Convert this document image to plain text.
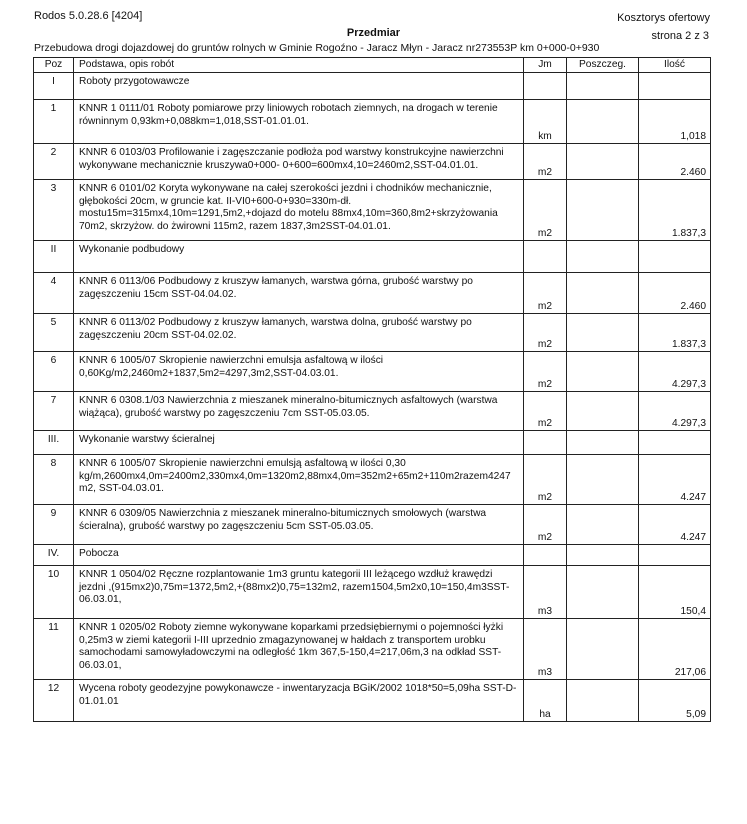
Rodos 5.0.28.6 [4204]	Kosztorys ofertowy
Przedmiar	strona 2 z 3
Przebudowa drogi dojazdowej do gruntów rolnych w Gminie Rogoźno - Jaracz Młyn - Jaracz nr273553P km 0+000-0+930
Poz	Podstawa, opis robót	Jm	Poszczeg.	Ilość
I	Roboty przygotowawcze			
1	KNNR 1 0111/01 Roboty pomiarowe przy liniowych robotach ziemnych, na drogach w terenie równinnym 0,93km+0,088km=1,018,SST-01.01.01.	km		1,018
2	KNNR 6 0103/03 Profilowanie i zagęszczanie podłoża pod warstwy konstrukcyjne nawierzchni wykonywane mechanicznie kruszywa0+000- 0+600=600mx4,10=2460m2,SST-04.01.01.	m2		2.460
3	KNNR 6 0101/02 Koryta wykonywane na całej szerokości jezdni i chodników mechanicznie, głębokości 20cm, w gruncie kat. II-VI0+600-0+930=330m-dł. mostu15m=315mx4,10m=1291,5m2,+dojazd do motelu 88mx4,10m=360,8m2+skrzyżowania 70m2, skrzyżow. do żwirowni 115m2, razem 1837,3m2SST-04.01.01.	m2		1.837,3
II	Wykonanie podbudowy			
4	KNNR 6 0113/06 Podbudowy z kruszyw łamanych, warstwa górna, grubość warstwy po zagęszczeniu 15cm SST-04.04.02.	m2		2.460
5	KNNR 6 0113/02 Podbudowy z kruszyw łamanych, warstwa dolna, grubość warstwy po zagęszczeniu 20cm SST-04.02.02.	m2		1.837,3
6	KNNR 6 1005/07 Skropienie nawierzchni emulsja asfaltową w ilości 0,60Kg/m2,2460m2+1837,5m2=4297,3m2,SST-04.03.01.	m2		4.297,3
7	KNNR 6 0308.1/03 Nawierzchnia z mieszanek mineralno-bitumicznych asfaltowych (warstwa wiążąca), grubość warstwy po zagęszczeniu 7cm SST-05.03.05.	m2		4.297,3
III.	Wykonanie warstwy ścieralnej			
8	KNNR 6 1005/07 Skropienie nawierzchni emulsją asfaltową w ilości 0,30 kg/m,2600mx4,0m=2400m2,330mx4,0m=1320m2,88mx4,0m=352m2+65m2+110m2razem4247 m2, SST-04.03.01.	m2		4.247
9	KNNR 6 0309/05 Nawierzchnia z mieszanek mineralno-bitumicznych smołowych (warstwa ścieralna), grubość warstwy po zagęszczeniu 5cm SST-05.03.05.	m2		4.247
IV.	Pobocza			
10	KNNR 1 0504/02 Ręczne rozplantowanie 1m3 gruntu kategorii III leżącego wzdłuż krawędzi jezdni ,(915mx2)0,75m=1372,5m2,+(88mx2)0,75=132m2, razem1504,5m2x0,10=150,4m3SST-06.03.01,	m3		150,4
11	KNNR 1 0205/02 Roboty ziemne wykonywane koparkami przedsiębiernymi o pojemności łyżki 0,25m3 w ziemi kategorii I-III uprzednio zmagazynowanej w hałdach z transportem urobku samochodami samowyładowczymi na odległość 1km 367,5-150,4=217,06m,3 na odkład SST-06.03.01,	m3		217,06
12	Wycena roboty geodezyjne powykonawcze - inwentaryzacja BGiK/2002 1018*50=5,09ha SST-D-01.01.01	ha		5,09
